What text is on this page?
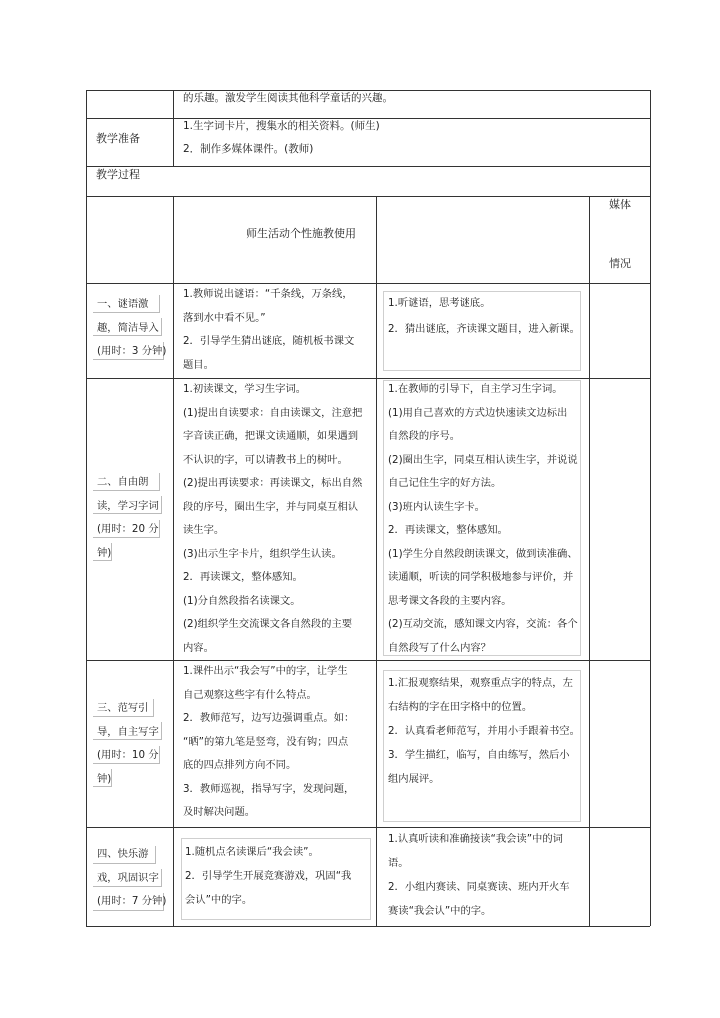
的乐趣。激发学生阅读其他科学童话的兴趣。
教学准备
1.生字词卡片，搜集水的相关资料。(师生)
2．制作多媒体课件。(教师)
教学过程
师生活动个性施教使用
媒体
情况
一、谜语激
趣，简洁导入
(用时：3 分钟)
1.教师说出谜语：“千条线，万条线，
落到水中看不见。”
2．引导学生猜出谜底，随机板书课文
题目。
1.听谜语，思考谜底。
2．猜出谜底，齐读课文题目，进入新课。
二、自由朗
读，学习字词
(用时：20 分
钟)
1.初读课文，学习生字词。
(1)提出自读要求：自由读课文，注意把
字音读正确，把课文读通顺，如果遇到
不认识的字，可以请教书上的树叶。
(2)提出再读要求：再读课文，标出自然
段的序号，圈出生字，并与同桌互相认
读生字。
(3)出示生字卡片，组织学生认读。
2．再读课文，整体感知。
(1)分自然段指名读课文。
(2)组织学生交流课文各自然段的主要
内容。
1.在教师的引导下，自主学习生字词。
(1)用自己喜欢的方式边快速读文边标出
自然段的序号。
(2)圈出生字，同桌互相认读生字，并说说
自己记住生字的好方法。
(3)班内认读生字卡。
2．再读课文，整体感知。
(1)学生分自然段朗读课文，做到读准确、
读通顺，听读的同学积极地参与评价，并
思考课文各段的主要内容。
(2)互动交流，感知课文内容，交流：各个
自然段写了什么内容？
三、范写引
导，自主写字
(用时：10 分
钟)
1.课件出示“我会写”中的字，让学生
自己观察这些字有什么特点。
2．教师范写，边写边强调重点。如：
“晒”的第九笔是竖弯，没有钩；四点
底的四点排列方向不同。
3．教师巡视，指导写字，发现问题，
及时解决问题。
1.汇报观察结果，观察重点字的特点，左
右结构的字在田字格中的位置。
2．认真看老师范写，并用小手跟着书空。
3．学生描红，临写，自由练写，然后小
组内展评。
四、快乐游
戏，巩固识字
(用时：7 分钟)
1.随机点名读课后“我会读”。
2．引导学生开展竞赛游戏，巩固“我
会认”中的字。
1.认真听读和准确接读“我会读”中的词
语。
2．小组内赛读、同桌赛读、班内开火车
赛读“我会认”中的字。
